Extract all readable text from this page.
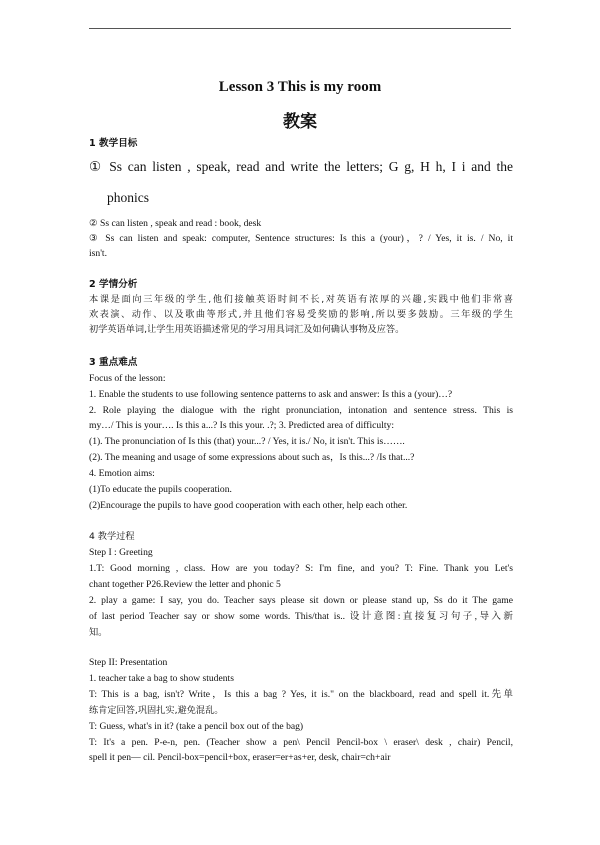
Lesson 3 This is my room
教案
1 教学目标
① Ss can listen , speak, read and write the letters; G g, H h, I i and the
phonics
② Ss can listen , speak and read : book, desk
③ Ss can listen and speak: computer, Sentence structures: Is this a (your)，? / Yes, it is. / No, it
isn't.
2 学情分析
本课是面向三年级的学生,他们接触英语时间不长,对英语有浓厚的兴趣,实践中他们非常喜
欢表演、动作、以及歌曲等形式,并且他们容易受奖励的影响,所以要多鼓励。三年级的学生
初学英语单词,让学生用英语描述常见的学习用具词汇及如何确认事物及应答。
3 重点难点
Focus of the lesson:
1. Enable the students to use following sentence patterns to ask and answer: Is this a (your)…?
2. Role playing the dialogue with the right pronunciation, intonation and sentence stress. This is
my…/ This is your…. Is this a...? Is this your. .?; 3. Predicted area of difficulty:
(1). The pronunciation of Is this (that) your...? / Yes, it is./ No, it isn't. This is…….
(2). The meaning and usage of some expressions about such as，Is this...? /Is that...?
4. Emotion aims:
(1)To educate the pupils cooperation.
(2)Encourage the pupils to have good cooperation with each other, help each other.
4 教学过程
Step I : Greeting
1.T: Good morning , class. How are you today? S: I'm fine, and you? T: Fine. Thank you Let's
chant together P26.Review the letter and phonic 5
2. play a game: I say, you do. Teacher says please sit down or please stand up, Ss do it The game
of last period Teacher say or show some words. This/that is.. 设计意图:直接复习句子,导入新
知。
Step II: Presentation
1. teacher take a bag to show students
T: This is a bag, isn't? Write，Is this a bag ? Yes, it is." on the blackboard, read and spell it.先单
练肯定回答,巩固扎实,避免混乱。
T: Guess, what's in it? (take a pencil box out of the bag)
T: It's a pen. P-e-n, pen. (Teacher show a pen\ Pencil Pencil-box \ eraser\ desk , chair) Pencil,
spell it pen— cil. Pencil-box=pencil+box, eraser=er+as+er, desk, chair=ch+air
